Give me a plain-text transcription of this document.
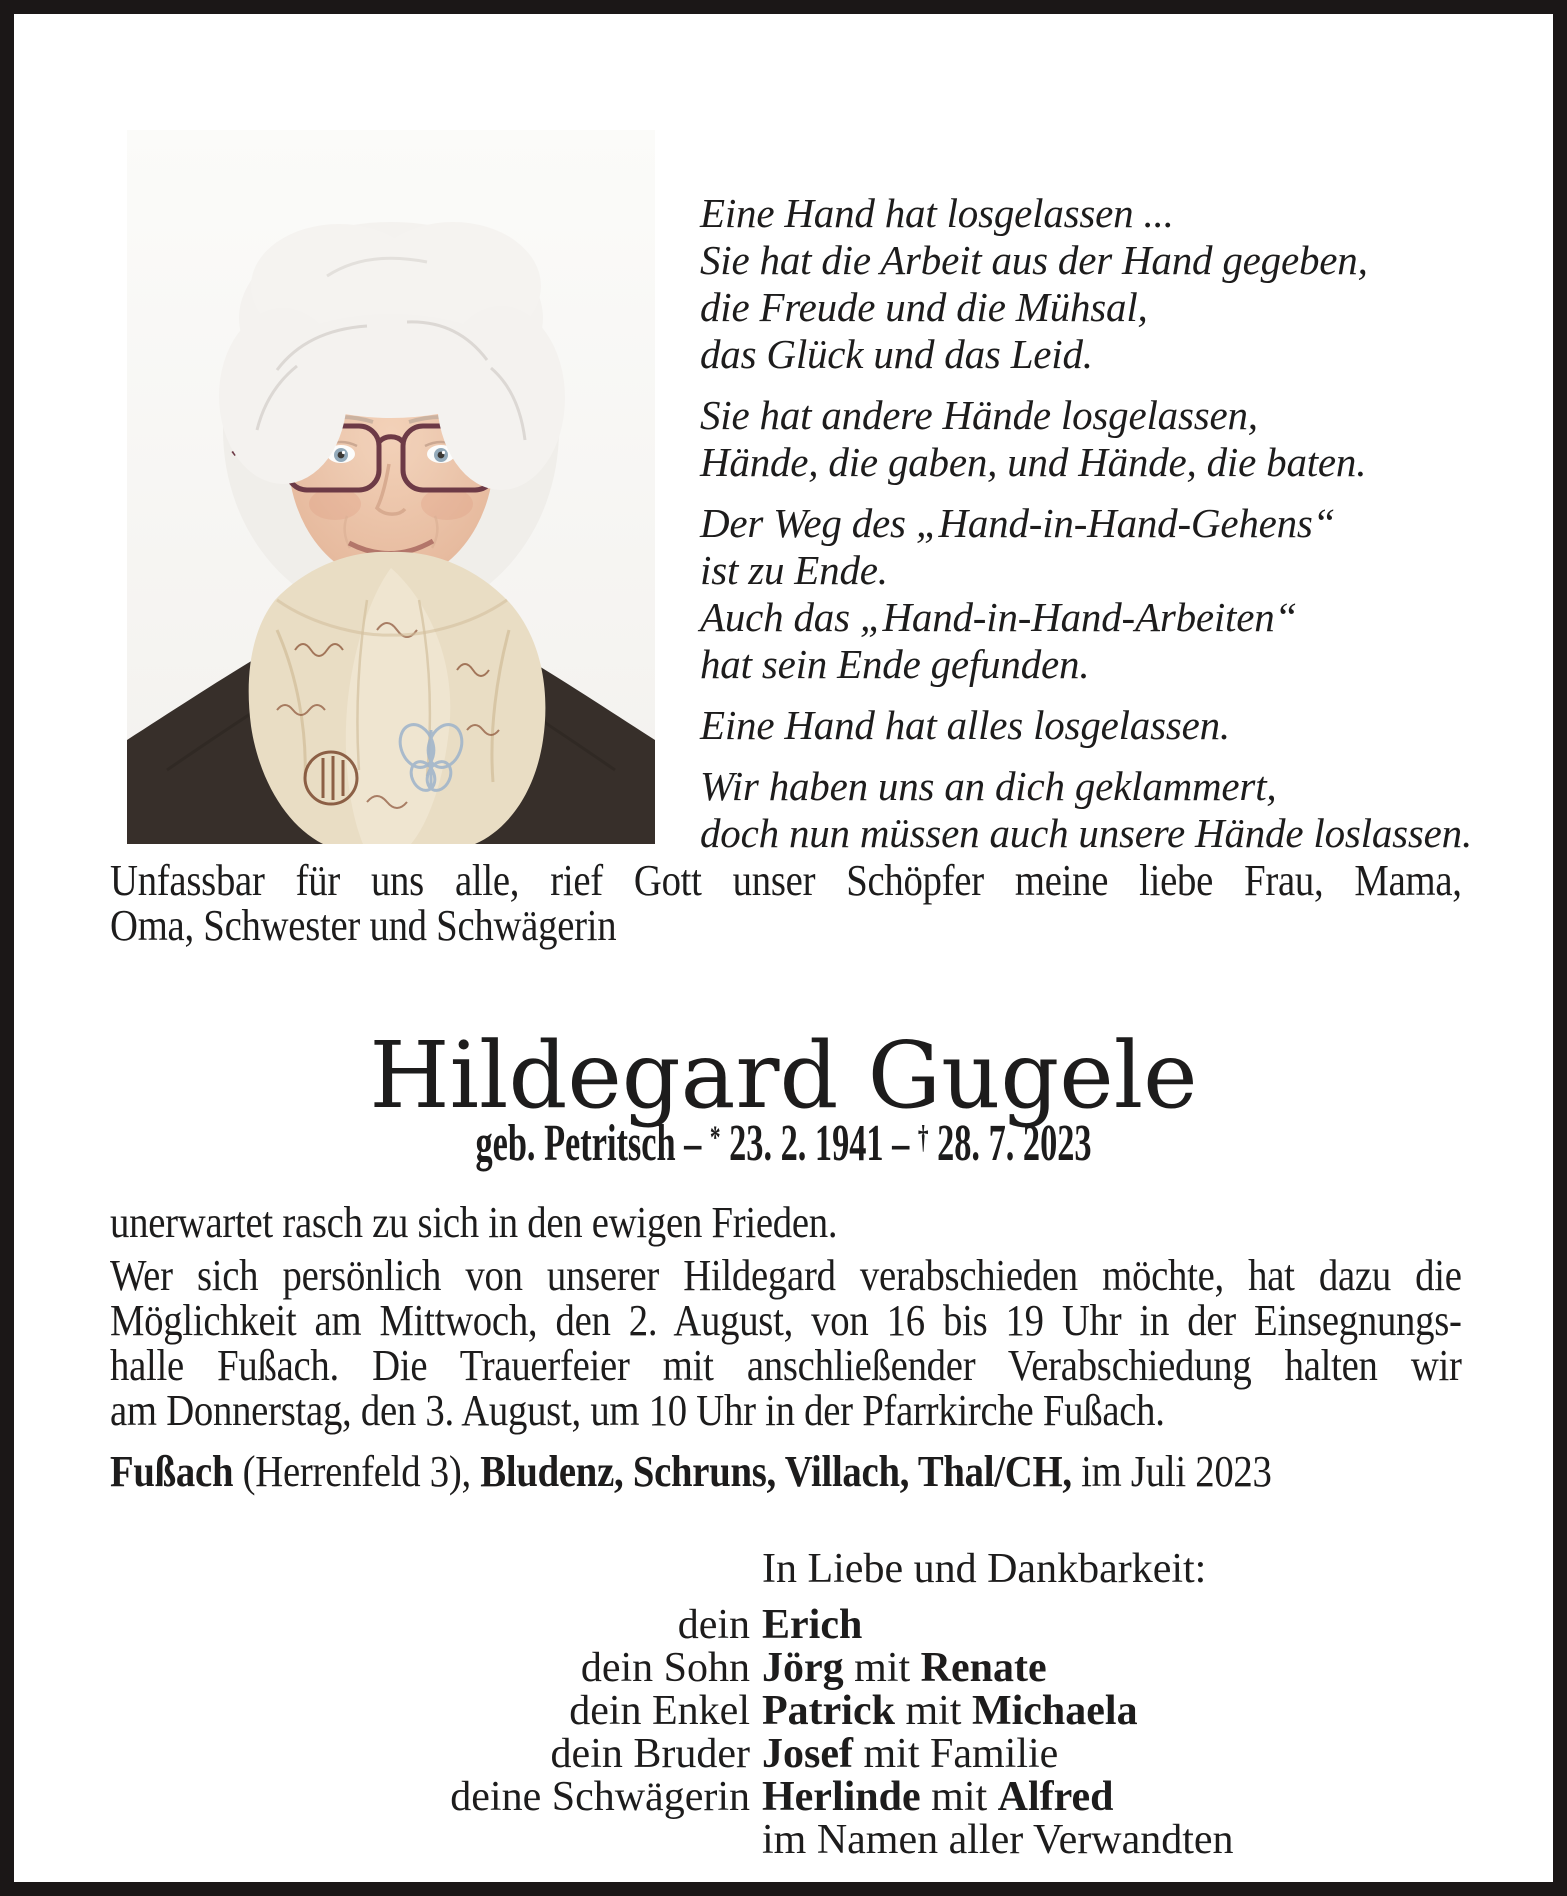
Eine Hand hat losgelassen ...
Sie hat die Arbeit aus der Hand gegeben,
die Freude und die Mühsal,
das Glück und das Leid.
Sie hat andere Hände losgelassen,
Hände, die gaben, und Hände, die baten.
Der Weg des „Hand-in-Hand-Gehens“
ist zu Ende.
Auch das „Hand-in-Hand-Arbeiten“
hat sein Ende gefunden.
Eine Hand hat alles losgelassen.
Wir haben uns an dich geklammert,
doch nun müssen auch unsere Hände loslassen.
Unfassbar für uns alle, rief Gott unser Schöpfer meine liebe Frau, Mama,
Oma, Schwester und Schwägerin
Hildegard Gugele
geb. Petritsch – * 23. 2. 1941 – † 28. 7. 2023
unerwartet rasch zu sich in den ewigen Frieden.
Wer sich persönlich von unserer Hildegard verabschieden möchte, hat dazu die
Möglichkeit am Mittwoch, den 2. August, von 16 bis 19 Uhr in der Einsegnungs-
halle Fußach. Die Trauerfeier mit anschließender Verabschiedung halten wir
am Donnerstag, den 3. August, um 10 Uhr in der Pfarrkirche Fußach.
Fußach (Herrenfeld 3), Bludenz, Schruns, Villach, Thal/CH, im Juli 2023
In Liebe und Dankbarkeit:
dein Erich
dein Sohn Jörg mit Renate
dein Enkel Patrick mit Michaela
dein Bruder Josef mit Familie
deine Schwägerin Herlinde mit Alfred
im Namen aller Verwandten
